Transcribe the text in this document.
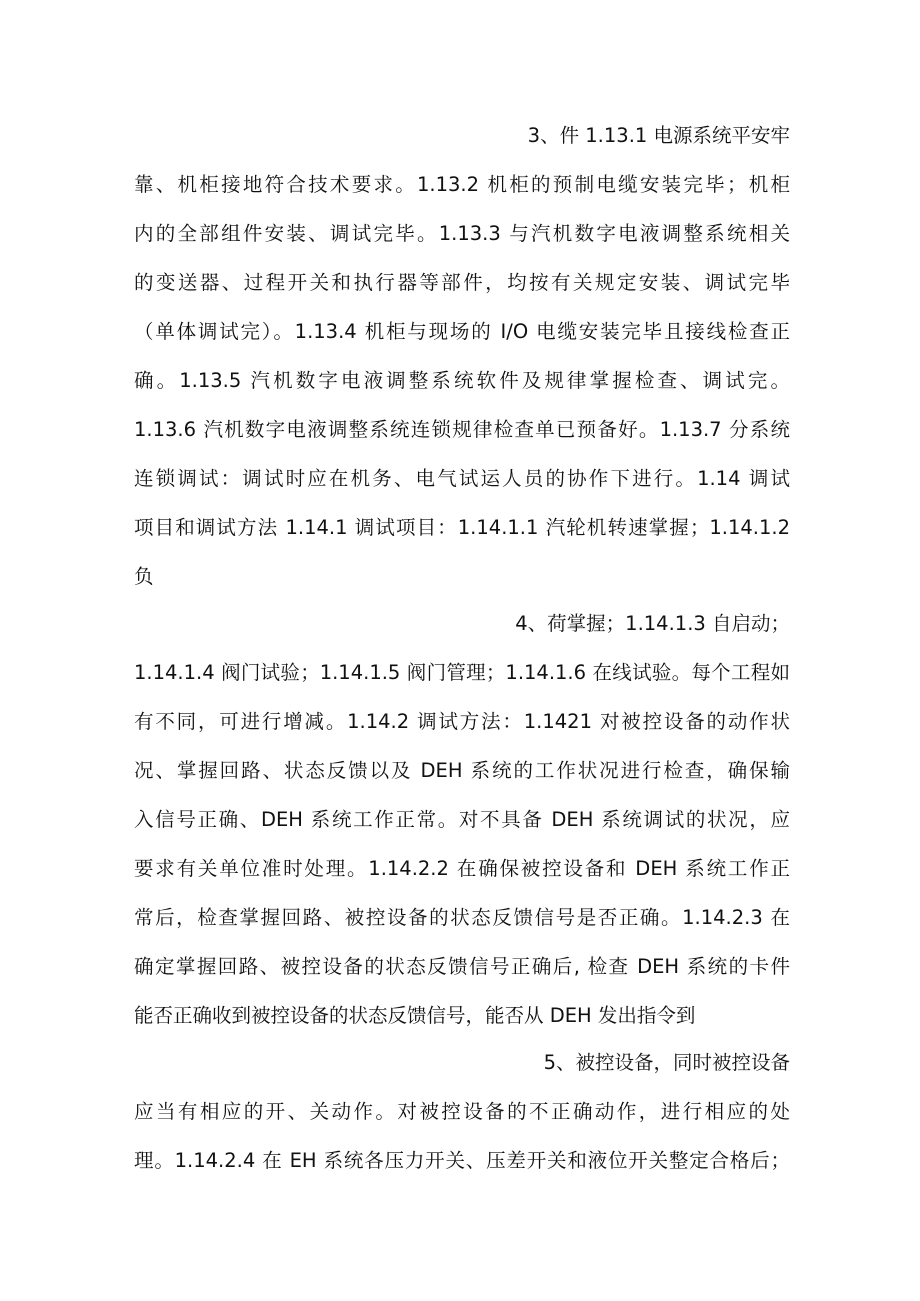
3、件 1.13.1 电源系统平安牢
靠、机柜接地符合技术要求。1.13.2 机柜的预制电缆安装完毕；机柜
内的全部组件安装、调试完毕。1.13.3 与汽机数字电液调整系统相关
的变送器、过程开关和执行器等部件，均按有关规定安装、调试完毕
（单体调试完）。1.13.4 机柜与现场的 I/O 电缆安装完毕且接线检查正
确。1.13.5 汽机数字电液调整系统软件及规律掌握检查、调试完。
1.13.6 汽机数字电液调整系统连锁规律检查单已预备好。1.13.7 分系统
连锁调试：调试时应在机务、电气试运人员的协作下进行。1.14 调试
项目和调试方法 1.14.1 调试项目：1.14.1.1 汽轮机转速掌握；1.14.1.2
负
4、荷掌握；1.14.1.3 自启动；
1.14.1.4 阀门试验；1.14.1.5 阀门管理；1.14.1.6 在线试验。每个工程如
有不同，可进行增减。1.14.2 调试方法：1.1421 对被控设备的动作状
况、掌握回路、状态反馈以及 DEH 系统的工作状况进行检查，确保输
入信号正确、DEH 系统工作正常。对不具备 DEH 系统调试的状况，应
要求有关单位准时处理。1.14.2.2 在确保被控设备和 DEH 系统工作正
常后，检查掌握回路、被控设备的状态反馈信号是否正确。1.14.2.3 在
确定掌握回路、被控设备的状态反馈信号正确后, 检查 DEH 系统的卡件
能否正确收到被控设备的状态反馈信号，能否从 DEH 发出指令到
5、被控设备，同时被控设备
应当有相应的开、关动作。对被控设备的不正确动作，进行相应的处
理。1.14.2.4 在 EH 系统各压力开关、压差开关和液位开关整定合格后；
